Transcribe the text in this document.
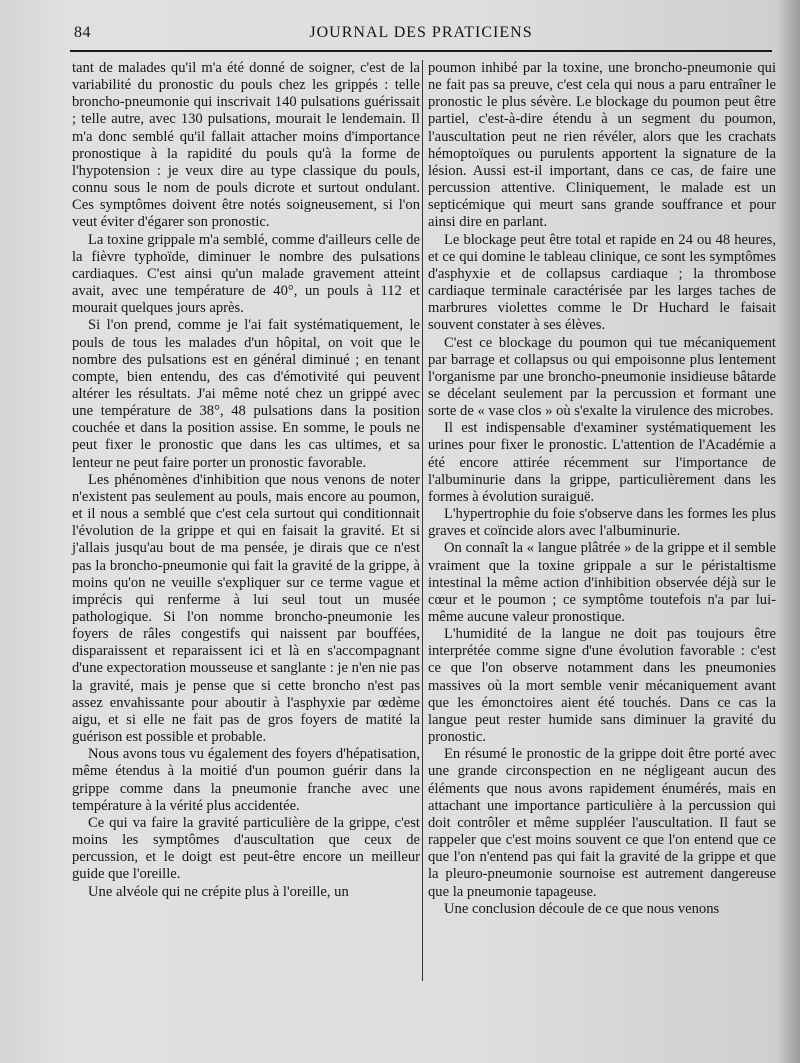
84	JOURNAL DES PRATICIENS

tant de malades qu'il m'a été donné de soigner, c'est de la variabilité du pronostic du pouls chez les grippés : telle broncho-pneumonie qui inscrivait 140 pulsations guérissait ; telle autre, avec 130 pulsations, mourait le lendemain. Il m'a donc semblé qu'il fallait attacher moins d'importance pronostique à la rapidité du pouls qu'à la forme de l'hypotension : je veux dire au type classique du pouls, connu sous le nom de pouls dicrote et surtout ondulant. Ces symptômes doivent être notés soigneusement, si l'on veut éviter d'égarer son pronostic.

La toxine grippale m'a semblé, comme d'ailleurs celle de la fièvre typhoïde, diminuer le nombre des pulsations cardiaques. C'est ainsi qu'un malade gravement atteint avait, avec une température de 40°, un pouls à 112 et mourait quelques jours après.

Si l'on prend, comme je l'ai fait systématiquement, le pouls de tous les malades d'un hôpital, on voit que le nombre des pulsations est en général diminué ; en tenant compte, bien entendu, des cas d'émotivité qui peuvent altérer les résultats. J'ai même noté chez un grippé avec une température de 38°, 48 pulsations dans la position couchée et dans la position assise. En somme, le pouls ne peut fixer le pronostic que dans les cas ultimes, et sa lenteur ne peut faire porter un pronostic favorable.

Les phénomènes d'inhibition que nous venons de noter n'existent pas seulement au pouls, mais encore au poumon, et il nous a semblé que c'est cela surtout qui conditionnait l'évolution de la grippe et qui en faisait la gravité. Et si j'allais jusqu'au bout de ma pensée, je dirais que ce n'est pas la broncho-pneumonie qui fait la gravité de la grippe, à moins qu'on ne veuille s'expliquer sur ce terme vague et imprécis qui renferme à lui seul tout un musée pathologique. Si l'on nomme broncho-pneumonie les foyers de râles congestifs qui naissent par bouffées, disparaissent et reparaissent ici et là en s'accompagnant d'une expectoration mousseuse et sanglante : je n'en nie pas la gravité, mais je pense que si cette broncho n'est pas assez envahissante pour aboutir à l'asphyxie par œdème aigu, et si elle ne fait pas de gros foyers de matité la guérison est possible et probable.

Nous avons tous vu également des foyers d'hépatisation, même étendus à la moitié d'un poumon guérir dans la grippe comme dans la pneumonie franche avec une température à la vérité plus accidentée.

Ce qui va faire la gravité particulière de la grippe, c'est moins les symptômes d'auscultation que ceux de percussion, et le doigt est peut-être encore un meilleur guide que l'oreille.

Une alvéole qui ne crépite plus à l'oreille, un

poumon inhibé par la toxine, une broncho-pneumonie qui ne fait pas sa preuve, c'est cela qui nous a paru entraîner le pronostic le plus sévère. Le blockage du poumon peut être partiel, c'est-à-dire étendu à un segment du poumon, l'auscultation peut ne rien révéler, alors que les crachats hémoptoïques ou purulents apportent la signature de la lésion. Aussi est-il important, dans ce cas, de faire une percussion attentive. Cliniquement, le malade est un septicémique qui meurt sans grande souffrance et pour ainsi dire en parlant.

Le blockage peut être total et rapide en 24 ou 48 heures, et ce qui domine le tableau clinique, ce sont les symptômes d'asphyxie et de collapsus cardiaque ; la thrombose cardiaque terminale caractérisée par les larges taches de marbrures violettes comme le Dr Huchard le faisait souvent constater à ses élèves.

C'est ce blockage du poumon qui tue mécaniquement par barrage et collapsus ou qui empoisonne plus lentement l'organisme par une broncho-pneumonie insidieuse bâtarde se décelant seulement par la percussion et formant une sorte de « vase clos » où s'exalte la virulence des microbes.

Il est indispensable d'examiner systématiquement les urines pour fixer le pronostic. L'attention de l'Académie a été encore attirée récemment sur l'importance de l'albuminurie dans la grippe, particulièrement dans les formes à évolution suraiguë.

L'hypertrophie du foie s'observe dans les formes les plus graves et coïncide alors avec l'albuminurie.

On connaît la « langue plâtrée » de la grippe et il semble vraiment que la toxine grippale a sur le péristaltisme intestinal la même action d'inhibition observée déjà sur le cœur et le poumon ; ce symptôme toutefois n'a par lui-même aucune valeur pronostique.

L'humidité de la langue ne doit pas toujours être interprétée comme signe d'une évolution favorable : c'est ce que l'on observe notamment dans les pneumonies massives où la mort semble venir mécaniquement avant que les émonctoires aient été touchés. Dans ce cas la langue peut rester humide sans diminuer la gravité du pronostic.

En résumé le pronostic de la grippe doit être porté avec une grande circonspection en ne négligeant aucun des éléments que nous avons rapidement énumérés, mais en attachant une importance particulière à la percussion qui doit contrôler et même suppléer l'auscultation. Il faut se rappeler que c'est moins souvent ce que l'on entend que ce que l'on n'entend pas qui fait la gravité de la grippe et que la pleuro-pneumonie sournoise est autrement dangereuse que la pneumonie tapageuse.

Une conclusion découle de ce que nous venons
